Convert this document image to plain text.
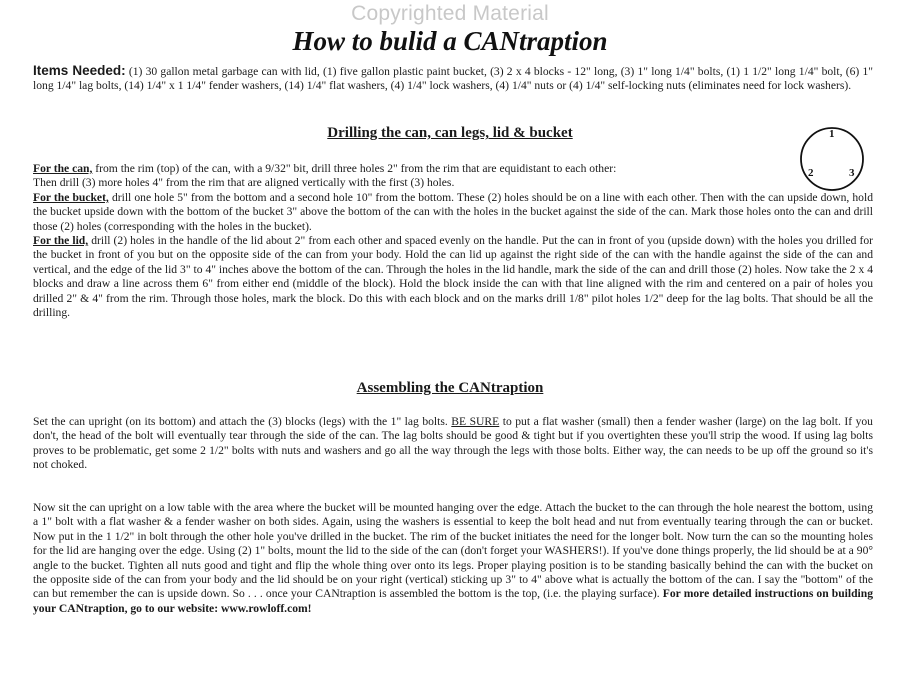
Copyrighted Material
How to bulid a CANtraption
Items Needed: (1) 30 gallon metal garbage can with lid, (1) five gallon plastic paint bucket, (3) 2 x 4 blocks - 12" long, (3) 1" long 1/4" bolts, (1) 1 1/2" long 1/4" bolt, (6) 1" long 1/4" lag bolts, (14) 1/4" x 1 1/4" fender washers, (14) 1/4" flat washers, (4) 1/4" lock washers, (4) 1/4" nuts or (4) 1/4" self-locking nuts (eliminates need for lock washers).
Drilling the can, can legs, lid & bucket	1
2	3
For the can, from the rim (top) of the can, with a 9/32" bit, drill three holes 2" from the rim that are equidistant to each other:
Then drill (3) more holes 4" from the rim that are aligned vertically with the first (3) holes.
For the bucket, drill one hole 5" from the bottom and a second hole 10" from the bottom. These (2) holes should be on a line with each other. Then with the can upside down, hold the bucket upside down with the bottom of the bucket 3" above the bottom of the can with the holes in the bucket against the side of the can. Mark those holes onto the can and drill those (2) holes (corresponding with the holes in the bucket).
For the lid, drill (2) holes in the handle of the lid about 2" from each other and spaced evenly on the handle. Put the can in front of you (upside down) with the holes you drilled for the bucket in front of you but on the opposite side of the can from your body. Hold the can lid up against the right side of the can with the handle against the side of the can and vertical, and the edge of the lid 3" to 4" inches above the bottom of the can. Through the holes in the lid handle, mark the side of the can and drill those (2) holes. Now take the 2 x 4 blocks and draw a line across them 6" from either end (middle of the block). Hold the block inside the can with that line aligned with the rim and centered on a pair of holes you drilled 2" & 4" from the rim. Through those holes, mark the block. Do this with each block and on the marks drill 1/8" pilot holes 1/2" deep for the lag bolts. That should be all the drilling.
Assembling the CANtraption
Set the can upright (on its bottom) and attach the (3) blocks (legs) with the 1" lag bolts. BE SURE to put a flat washer (small) then a fender washer (large) on the lag bolt. If you don't, the head of the bolt will eventually tear through the side of the can. The lag bolts should be good & tight but if you overtighten these you'll strip the wood. If using lag bolts proves to be problematic, get some 2 1/2" bolts with nuts and washers and go all the way through the legs with those bolts. Either way, the can needs to be up off the ground so it's not choked.
Now sit the can upright on a low table with the area where the bucket will be mounted hanging over the edge. Attach the bucket to the can through the hole nearest the bottom, using a 1" bolt with a flat washer & a fender washer on both sides. Again, using the washers is essential to keep the bolt head and nut from eventually tearing through the can or bucket. Now put in the 1 1/2" in bolt through the other hole you've drilled in the bucket. The rim of the bucket initiates the need for the longer bolt. Now turn the can so the mounting holes for the lid are hanging over the edge. Using (2) 1" bolts, mount the lid to the side of the can (don't forget your WASHERS!). If you've done things properly, the lid should be at a 90° angle to the bucket. Tighten all nuts good and tight and flip the whole thing over onto its legs. Proper playing position is to be standing basically behind the can with the bucket on the opposite side of the can from your body and the lid should be on your right (vertical) sticking up 3" to 4" above what is actually the bottom of the can. I say the "bottom" of the can but remember the can is upside down. So . . . once your CANtraption is assembled the bottom is the top, (i.e. the playing surface). For more detailed instructions on building your CANtraption, go to our website: www.rowloff.com!
